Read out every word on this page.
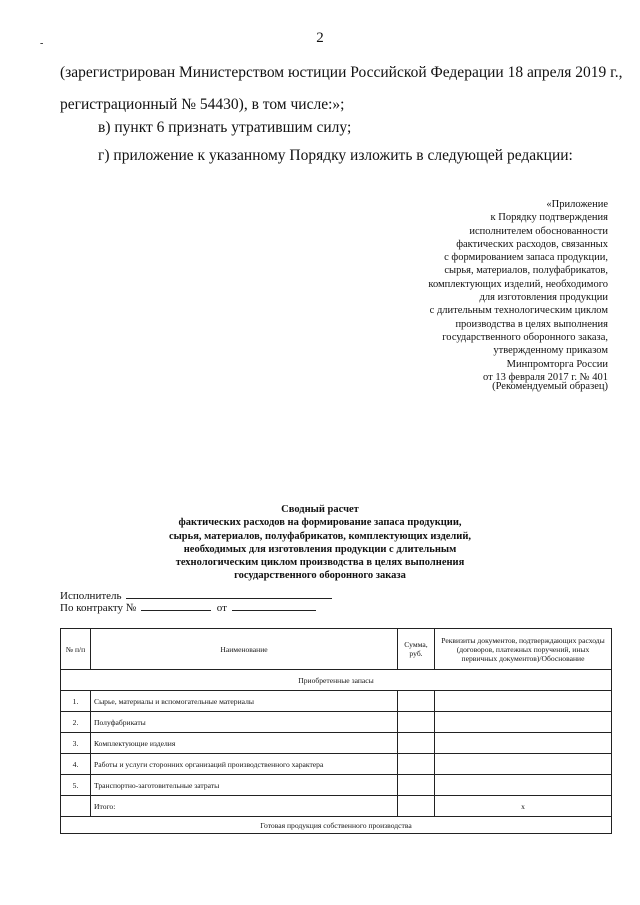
-	2
(зарегистрирован Министерством юстиции Российской Федерации 18 апреля 2019 г.,
регистрационный № 54430), в том числе:»;
в) пункт 6 признать утратившим силу;
г) приложение к указанному Порядку изложить в следующей редакции:
«Приложение
к Порядку подтверждения
исполнителем обоснованности
фактических расходов, связанных
с формированием запаса продукции,
сырья, материалов, полуфабрикатов,
комплектующих изделий, необходимого
для изготовления продукции
с длительным технологическим циклом
производства в целях выполнения
государственного оборонного заказа,
утвержденному приказом
Минпромторга России
от 13 февраля 2017 г. № 401
(Рекомендуемый образец)
Сводный расчет
фактических расходов на формирование запаса продукции,
сырья, материалов, полуфабрикатов, комплектующих изделий,
необходимых для изготовления продукции с длительным
технологическим циклом производства в целях выполнения
государственного оборонного заказа
Исполнитель
По контракту №	от
№ п/п	Наименование	Сумма, руб.	Реквизиты документов, подтверждающих расходы (договоров, платежных поручений, иных первичных документов)/Обоснование
Приобретенные запасы			
1.	Сырье, материалы и вспомогательные материалы		
2.	Полуфабрикаты		
3.	Комплектующие изделия		
4.	Работы и услуги сторонних организаций производственного характера		
5.	Транспортно-заготовительные затраты		
	Итого:		x
Готовая продукция собственного производства			
